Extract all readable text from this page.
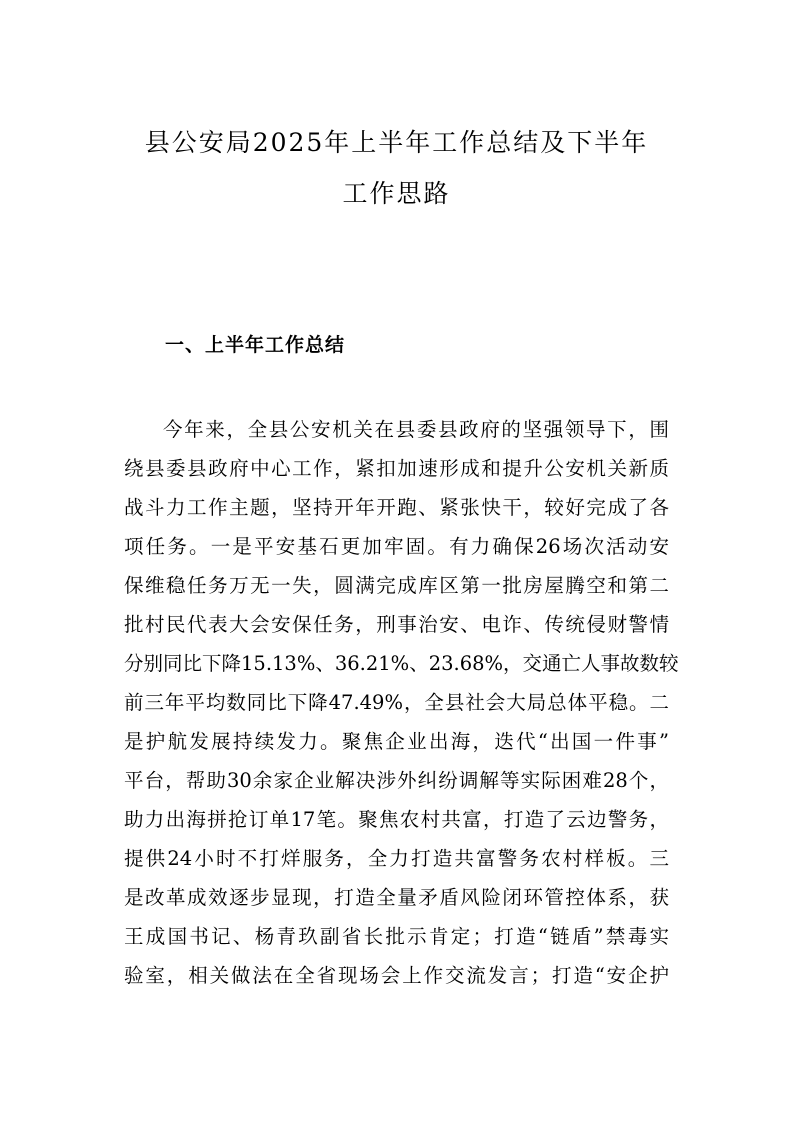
县公安局2025年上半年工作总结及下半年
工作思路
一、上半年工作总结
今年来，全县公安机关在县委县政府的坚强领导下，围
绕县委县政府中心工作，紧扣加速形成和提升公安机关新质
战斗力工作主题，坚持开年开跑、紧张快干，较好完成了各
项任务。一是平安基石更加牢固。有力确保26场次活动安
保维稳任务万无一失，圆满完成库区第一批房屋腾空和第二
批村民代表大会安保任务，刑事治安、电诈、传统侵财警情
分别同比下降15.13%、36.21%、23.68%，交通亡人事故数较
前三年平均数同比下降47.49%，全县社会大局总体平稳。二
是护航发展持续发力。聚焦企业出海，迭代“出国一件事”
平台，帮助30余家企业解决涉外纠纷调解等实际困难28个，
助力出海拼抢订单17笔。聚焦农村共富，打造了云边警务，
提供24小时不打烊服务，全力打造共富警务农村样板。三
是改革成效逐步显现，打造全量矛盾风险闭环管控体系，获
王成国书记、杨青玖副省长批示肯定；打造“链盾”禁毒实
验室，相关做法在全省现场会上作交流发言；打造“安企护
